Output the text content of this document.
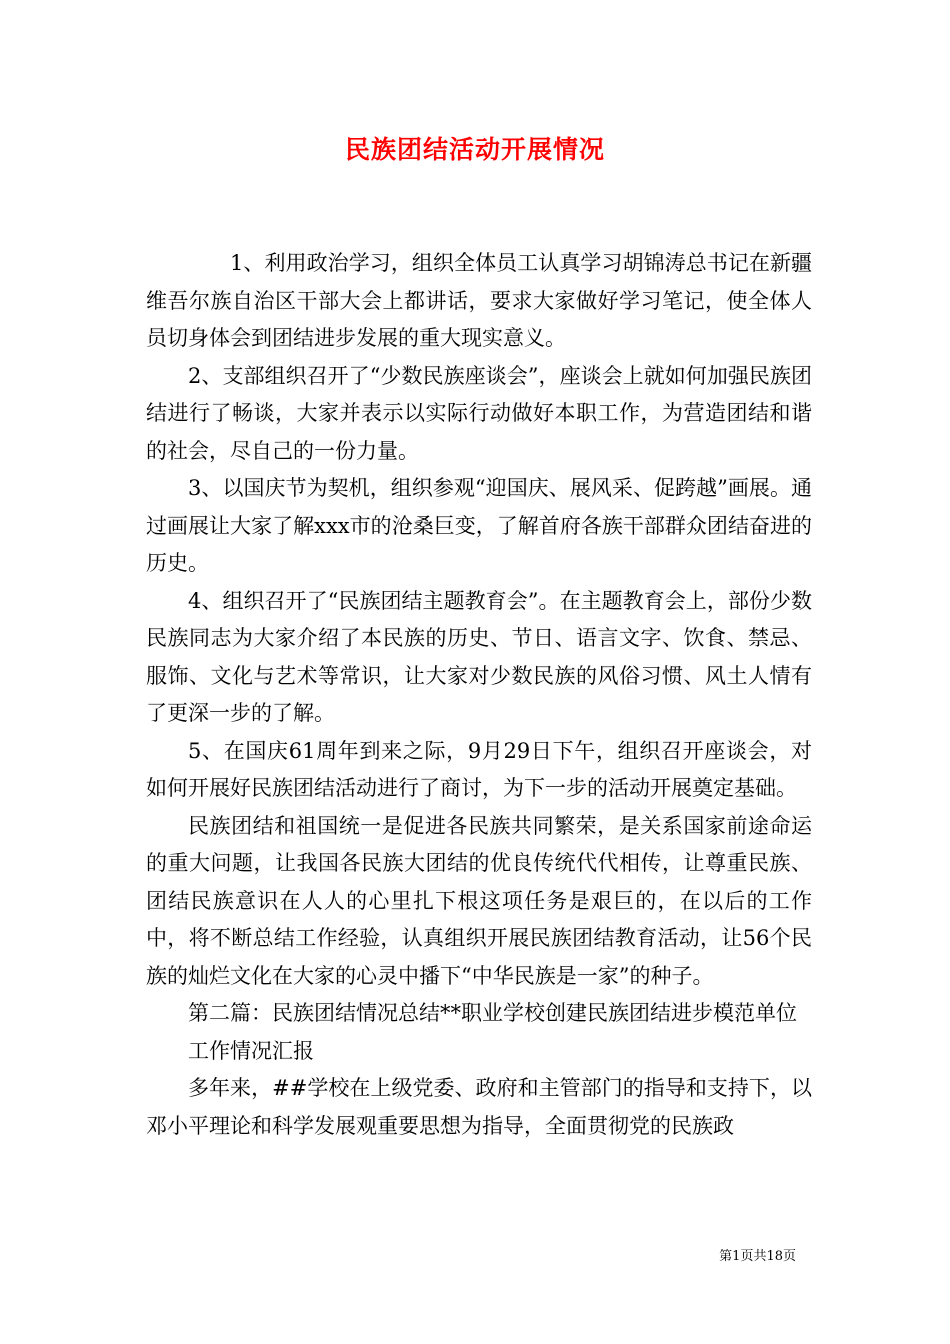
民族团结活动开展情况

1、利用政治学习，组织全体员工认真学习胡锦涛总书记在新疆维吾尔族自治区干部大会上都讲话，要求大家做好学习笔记，使全体人员切身体会到团结进步发展的重大现实意义。

2、支部组织召开了“少数民族座谈会”，座谈会上就如何加强民族团结进行了畅谈，大家并表示以实际行动做好本职工作，为营造团结和谐的社会，尽自己的一份力量。

3、以国庆节为契机，组织参观“迎国庆、展风采、促跨越”画展。通过画展让大家了解xxx市的沧桑巨变，了解首府各族干部群众团结奋进的历史。

4、组织召开了“民族团结主题教育会”。在主题教育会上，部份少数民族同志为大家介绍了本民族的历史、节日、语言文字、饮食、禁忌、服饰、文化与艺术等常识，让大家对少数民族的风俗习惯、风土人情有了更深一步的了解。

5、在国庆61周年到来之际，9月29日下午，组织召开座谈会，对如何开展好民族团结活动进行了商讨，为下一步的活动开展奠定基础。

民族团结和祖国统一是促进各民族共同繁荣，是关系国家前途命运的重大问题，让我国各民族大团结的优良传统代代相传，让尊重民族、团结民族意识在人人的心里扎下根这项任务是艰巨的，在以后的工作中，将不断总结工作经验，认真组织开展民族团结教育活动，让56个民族的灿烂文化在大家的心灵中播下“中华民族是一家”的种子。

第二篇：民族团结情况总结**职业学校创建民族团结进步模范单位工作情况汇报

多年来，##学校在上级党委、政府和主管部门的指导和支持下，以邓小平理论和科学发展观重要思想为指导，全面贯彻党的民族政

第1页共18页
